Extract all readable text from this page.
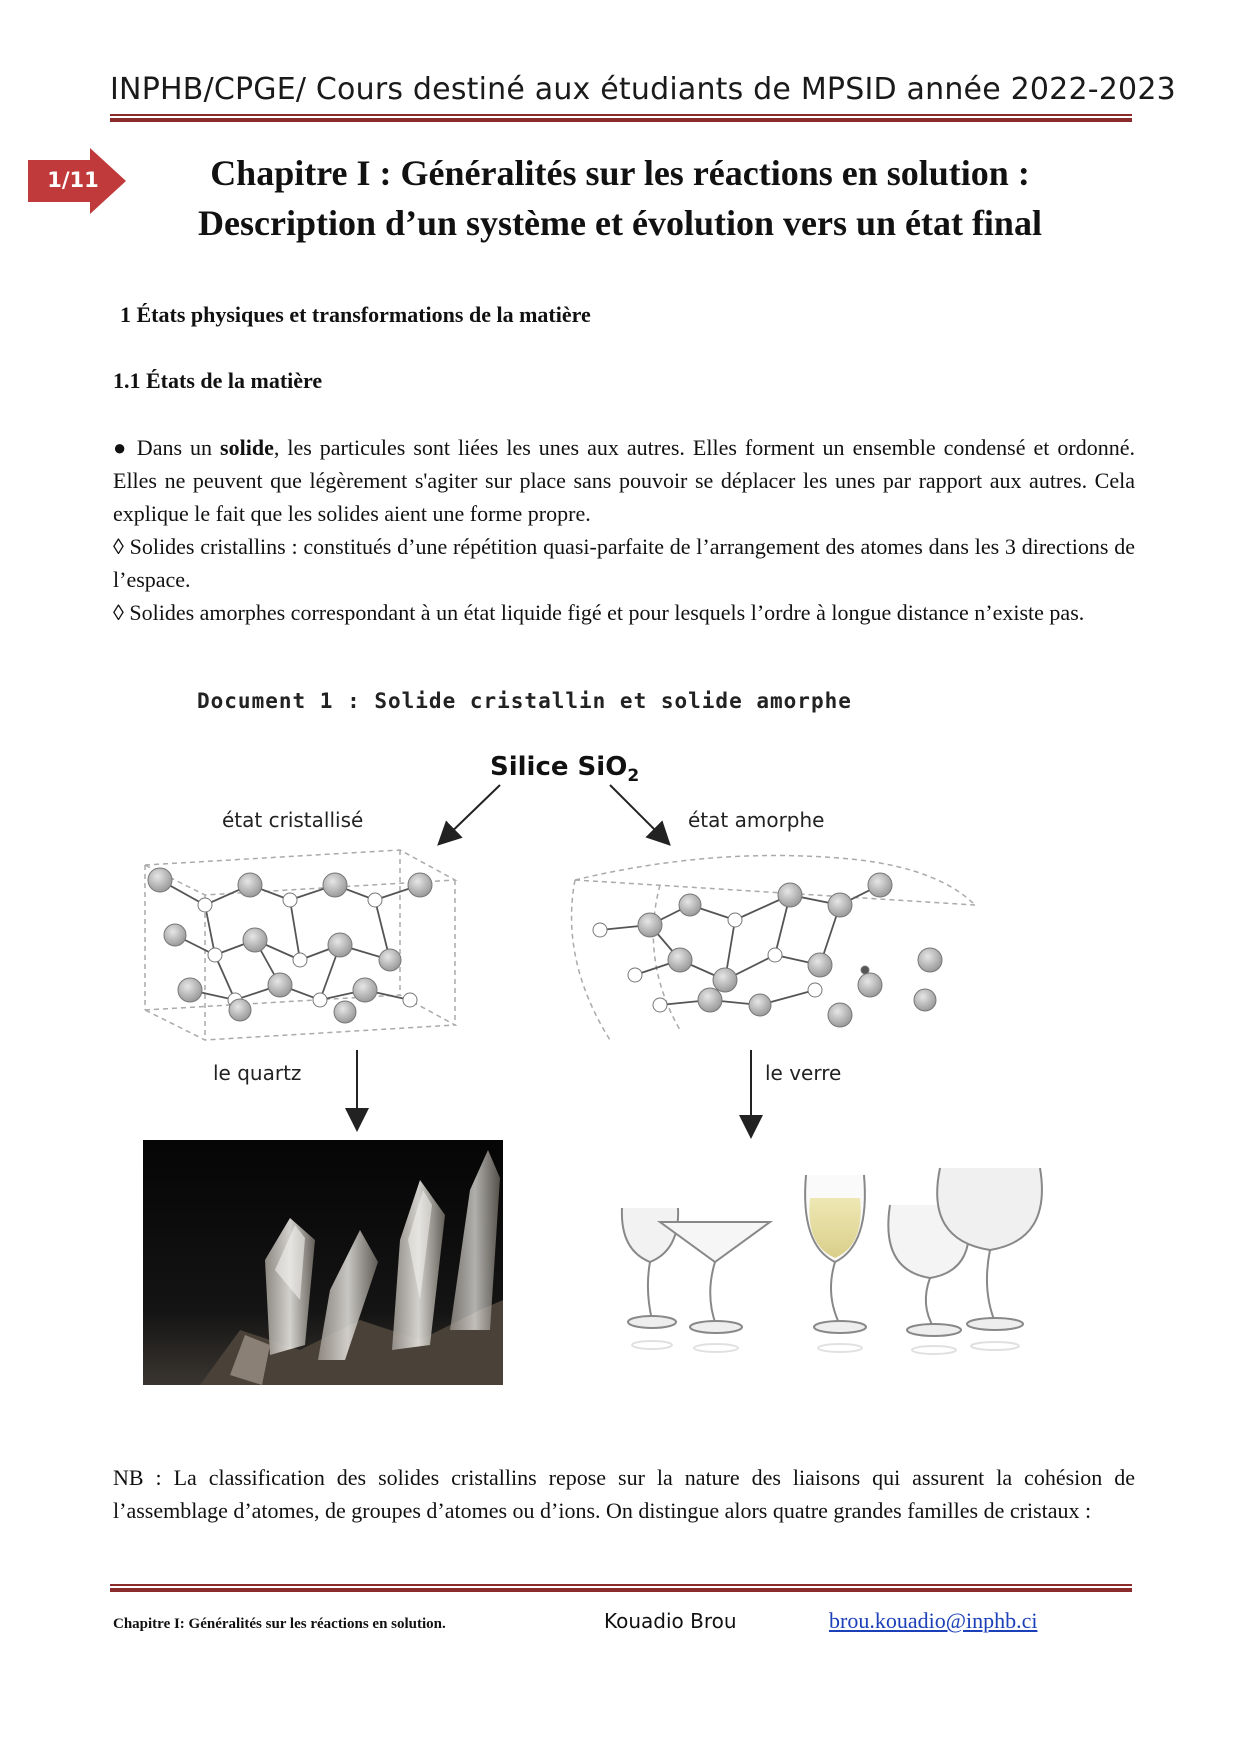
INPHB/CPGE/ Cours destiné aux étudiants de MPSID année 2022-2023
1/11	Chapitre I : Généralités sur les réactions en solution :
Description d’un système et évolution vers un état final
1 États physiques et transformations de la matière
1.1 États de la matière
● Dans un solide, les particules sont liées les unes aux autres. Elles forment un ensemble condensé et ordonné. Elles ne peuvent que légèrement s'agiter sur place sans pouvoir se déplacer les unes par rapport aux autres. Cela explique le fait que les solides aient une forme propre.
◊ Solides cristallins : constitués d’une répétition quasi-parfaite de l’arrangement des atomes dans les 3 directions de l’espace.
◊ Solides amorphes correspondant à un état liquide figé et pour lesquels l’ordre à longue distance n’existe pas.
Document 1 : Solide cristallin et solide amorphe
Silice SiO$_2$
état cristallisé	état amorphe
le quartz	le verre
NB : La classification des solides cristallins repose sur la nature des liaisons qui assurent la cohésion de l’assemblage d’atomes, de groupes d’atomes ou d’ions. On distingue alors quatre grandes familles de cristaux :
Chapitre I: Généralités sur les réactions en solution.	Kouadio Brou	brou.kouadio@inphb.ci
